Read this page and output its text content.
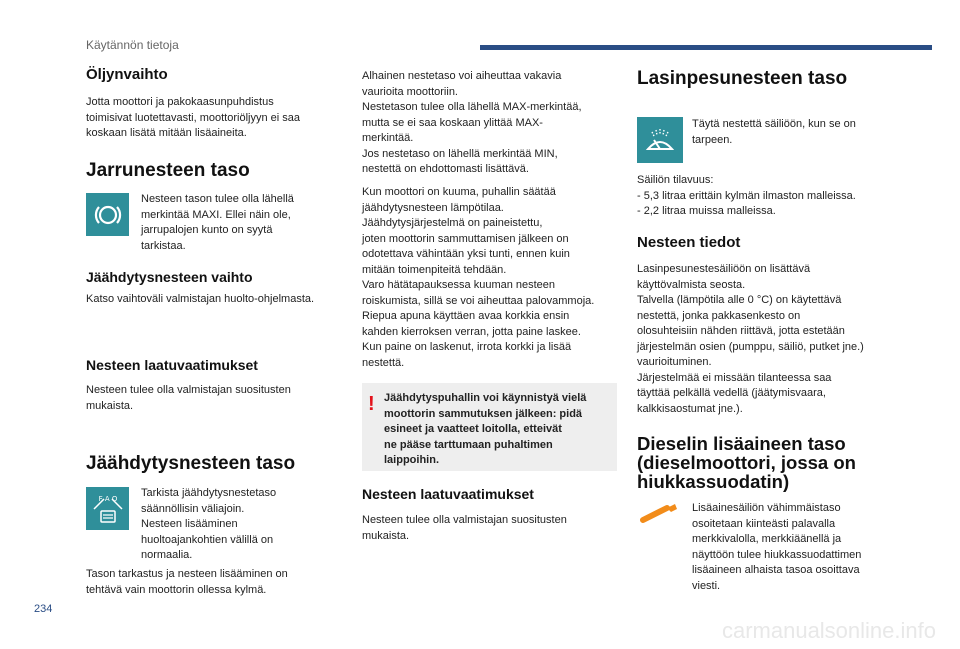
Käytännön tietoja
Öljynvaihto
Jotta moottori ja pakokaasunpuhdistus
toimisivat luotettavasti, moottoriöljyyn ei saa
koskaan lisätä mitään lisäaineita.
Jarrunesteen taso
Nesteen tason tulee olla lähellä
merkintää MAXI. Ellei näin ole,
jarrupalojen kunto on syytä
tarkistaa.
Jäähdytysnesteen vaihto
Katso vaihtoväli valmistajan huolto-ohjelmasta.
Nesteen laatuvaatimukset
Nesteen tulee olla valmistajan suositusten
mukaista.
Jäähdytysnesteen taso
F A O Tarkista jäähdytysnestetaso
säännöllisin väliajoin.
Nesteen lisääminen
huoltoajankohtien välillä on
normaalia.
Tason tarkastus ja nesteen lisääminen on
tehtävä vain moottorin ollessa kylmä.
Alhainen nestetaso voi aiheuttaa vakavia
vaurioita moottoriin.
Nestetason tulee olla lähellä MAX-merkintää,
mutta se ei saa koskaan ylittää MAX-
merkintää.
Jos nestetaso on lähellä merkintää MIN,
nestettä on ehdottomasti lisättävä.
Kun moottori on kuuma, puhallin säätää
jäähdytysnesteen lämpötilaa.
Jäähdytysjärjestelmä on paineistettu,
joten moottorin sammuttamisen jälkeen on
odotettava vähintään yksi tunti, ennen kuin
mitään toimenpiteitä tehdään.
Varo hätätapauksessa kuuman nesteen
roiskumista, sillä se voi aiheuttaa palovammoja.
Riepua apuna käyttäen avaa korkkia ensin
kahden kierroksen verran, jotta paine laskee.
Kun paine on laskenut, irrota korkki ja lisää
nestettä.
! Jäähdytyspuhallin voi käynnistyä vielä
moottorin sammutuksen jälkeen: pidä
esineet ja vaatteet loitolla, etteivät
ne pääse tarttumaan puhaltimen
laippoihin.
Nesteen laatuvaatimukset
Nesteen tulee olla valmistajan suositusten
mukaista.
Lasinpesunesteen taso
Täytä nestettä säiliöön, kun se on
tarpeen.
Säiliön tilavuus:
- 5,3 litraa erittäin kylmän ilmaston malleissa.
- 2,2 litraa muissa malleissa.
Nesteen tiedot
Lasinpesunestesäiliöön on lisättävä
käyttövalmista seosta.
Talvella (lämpötila alle 0 °C) on käytettävä
nestettä, jonka pakkasenkesto on
olosuhteisiin nähden riittävä, jotta estetään
järjestelmän osien (pumppu, säiliö, putket jne.)
vaurioituminen.
Järjestelmää ei missään tilanteessa saa
täyttää pelkällä vedellä (jäätymisvaara,
kalkkisaostumat jne.).
Dieselin lisäaineen taso
(dieselmoottori, jossa on
hiukkassuodatin)
Lisäainesäiliön vähimmäistaso
osoitetaan kiinteästi palavalla
merkkivalolla, merkkiäänellä ja
näyttöön tulee hiukkassuodattimen
lisäaineen alhaista tasoa osoittava
viesti.
234
carmanualsonline.info
